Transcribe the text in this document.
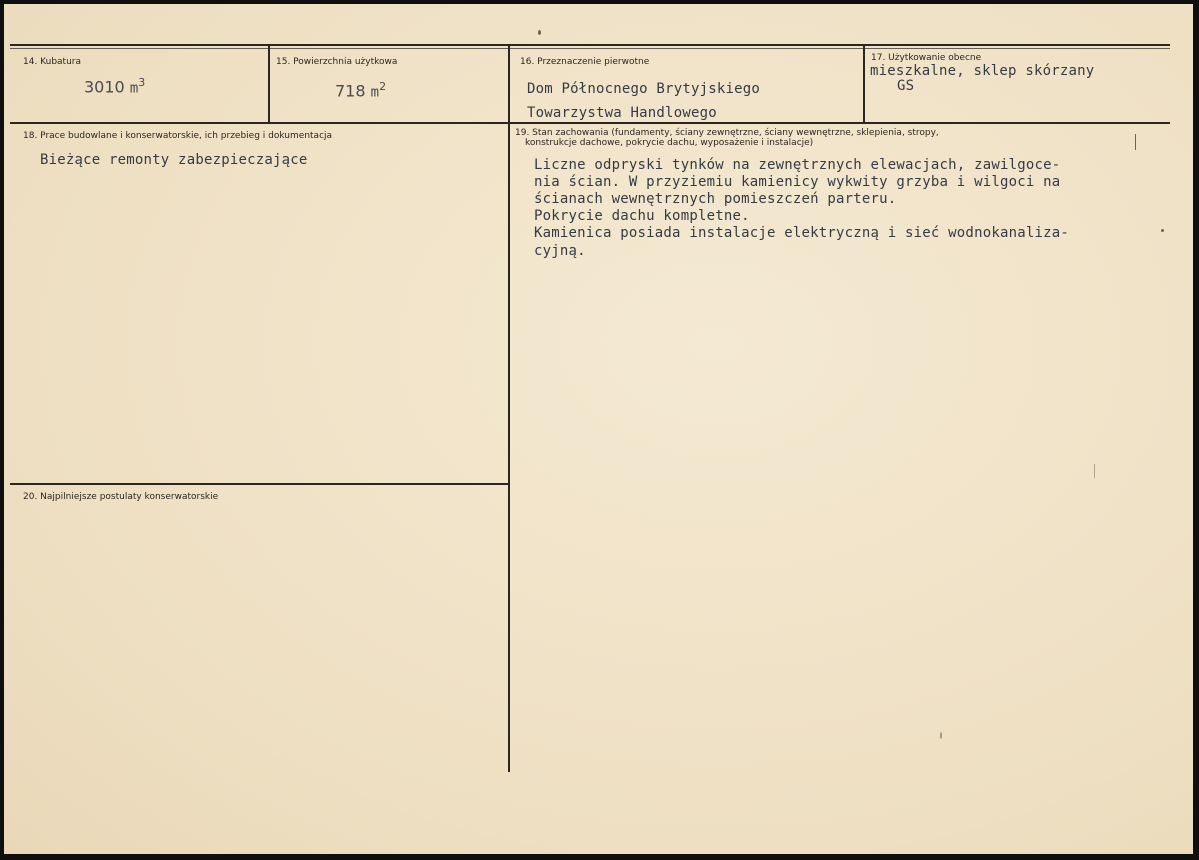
14. Kubatura
3010 $m^3$
15. Powierzchnia użytkowa
718 $m^2$
16. Przeznaczenie pierwotne
Dom Północnego Brytyjskiego
Towarzystwa Handlowego
17. Użytkowanie obecne
mieszkalne, sklep skórzany
GS
18. Prace budowlane i konserwatorskie, ich przebieg i dokumentacja
Bieżące remonty zabezpieczające
19. Stan zachowania (fundamenty, ściany zewnętrzne, ściany wewnętrzne, sklepienia, stropy,
konstrukcje dachowe, pokrycie dachu, wyposażenie i instalacje)
Liczne odpryski tynków na zewnętrznych elewacjach, zawilgoce-
nia ścian. W przyziemiu kamienicy wykwity grzyba i wilgoci na
ścianach wewnętrznych pomieszczeń parteru.
Pokrycie dachu kompletne.
Kamienica posiada instalacje elektryczną i sieć wodnokanaliza-
cyjną.
20. Najpilniejsze postulaty konserwatorskie
